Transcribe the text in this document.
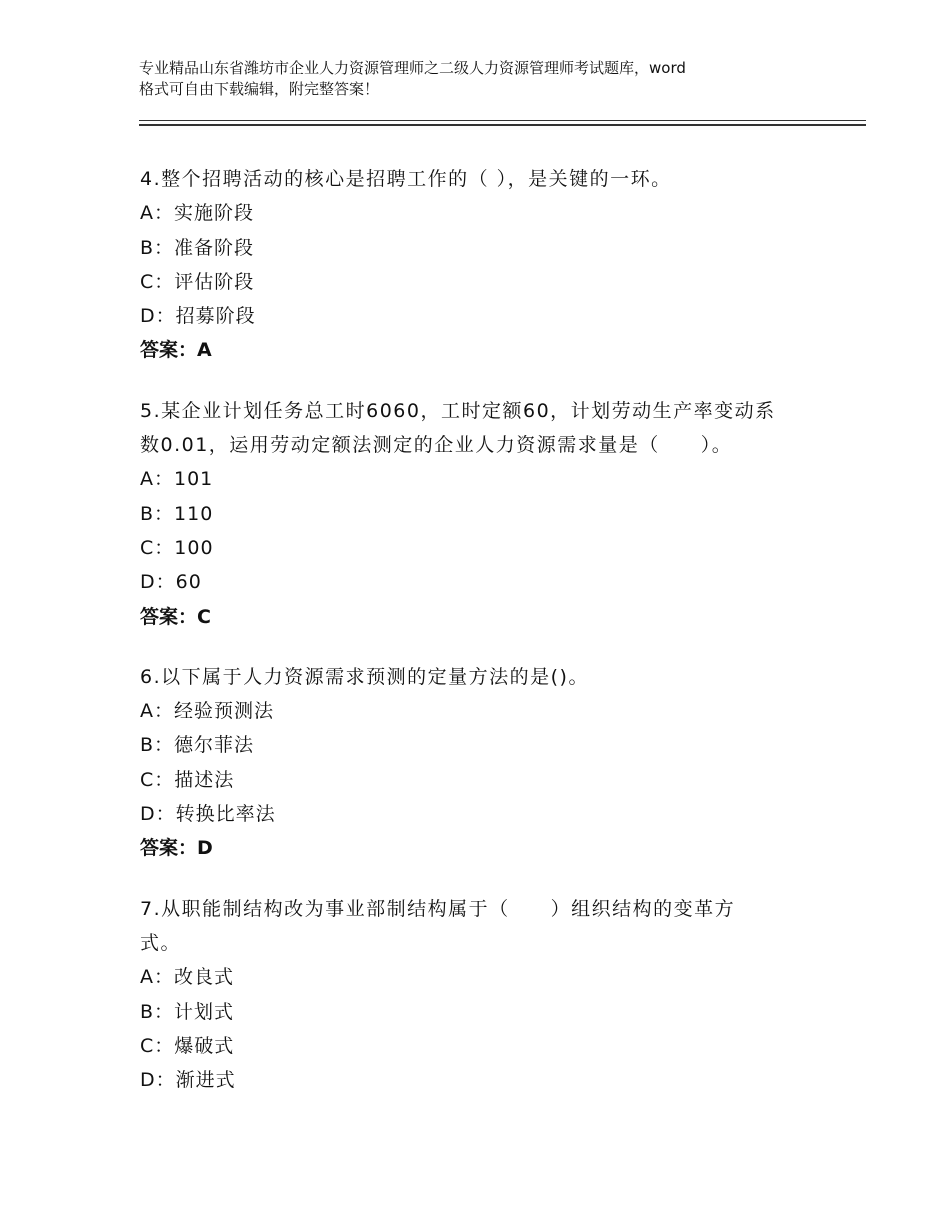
专业精品山东省潍坊市企业人力资源管理师之二级人力资源管理师考试题库，word
格式可自由下载编辑，附完整答案！
4.整个招聘活动的核心是招聘工作的（ ），是关键的一环。
A：实施阶段
B：准备阶段
C：评估阶段
D：招募阶段
答案：A
5.某企业计划任务总工时6060，工时定额60，计划劳动生产率变动系
数0.01，运用劳动定额法测定的企业人力资源需求量是（　　）。
A：101
B：110
C：100
D：60
答案：C
6.以下属于人力资源需求预测的定量方法的是()。
A：经验预测法
B：德尔菲法
C：描述法
D：转换比率法
答案：D
7.从职能制结构改为事业部制结构属于（　　）组织结构的变革方
式。
A：改良式
B：计划式
C：爆破式
D：渐进式
